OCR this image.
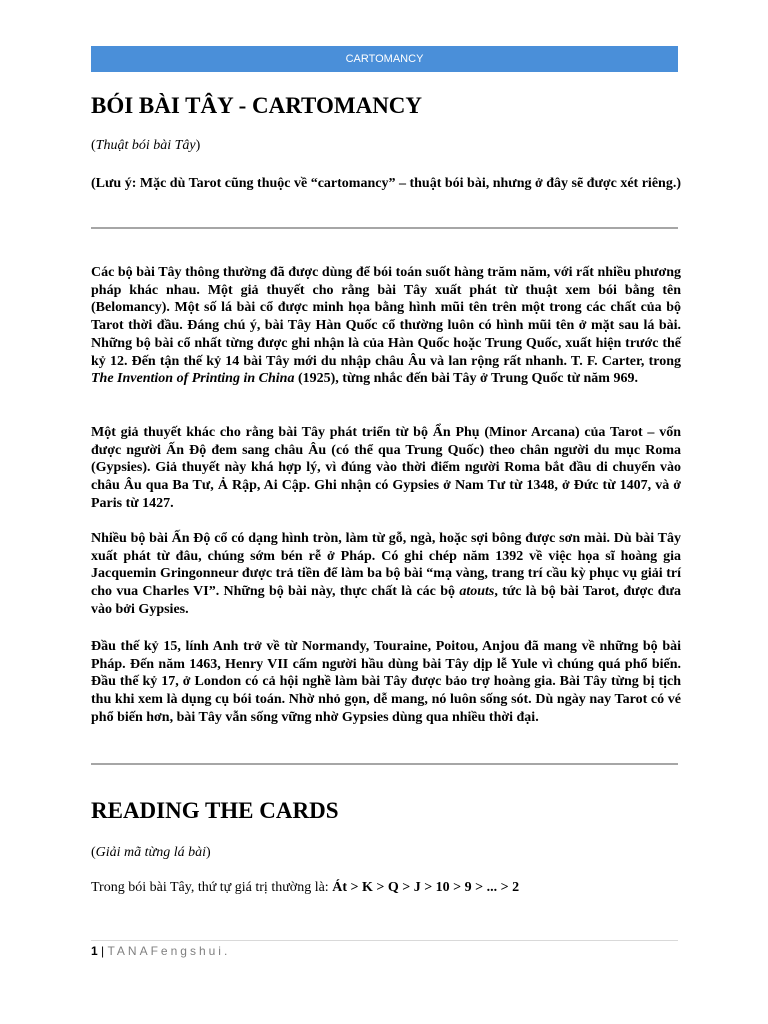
CARTOMANCY
BÓI BÀI TÂY - CARTOMANCY
(Thuật bói bài Tây)

(Lưu ý: Mặc dù Tarot cũng thuộc về “cartomancy” – thuật bói bài, nhưng ở đây sẽ được xét riêng.)

Các bộ bài Tây thông thường đã được dùng để bói toán suốt hàng trăm năm, với rất nhiều phương pháp khác nhau. Một giả thuyết cho rằng bài Tây xuất phát từ thuật xem bói bằng tên (Belomancy). Một số lá bài cổ được minh họa bằng hình mũi tên trên một trong các chất của bộ Tarot thời đầu. Đáng chú ý, bài Tây Hàn Quốc cổ thường luôn có hình mũi tên ở mặt sau lá bài. Những bộ bài cổ nhất từng được ghi nhận là của Hàn Quốc hoặc Trung Quốc, xuất hiện trước thế kỷ 12. Đến tận thế kỷ 14 bài Tây mới du nhập châu Âu và lan rộng rất nhanh. T. F. Carter, trong The Invention of Printing in China (1925), từng nhắc đến bài Tây ở Trung Quốc từ năm 969.

Một giả thuyết khác cho rằng bài Tây phát triển từ bộ Ẩn Phụ (Minor Arcana) của Tarot – vốn được người Ấn Độ đem sang châu Âu (có thể qua Trung Quốc) theo chân người du mục Roma (Gypsies). Giả thuyết này khá hợp lý, vì đúng vào thời điểm người Roma bắt đầu di chuyển vào châu Âu qua Ba Tư, Ả Rập, Ai Cập. Ghi nhận có Gypsies ở Nam Tư từ 1348, ở Đức từ 1407, và ở Paris từ 1427.

Nhiều bộ bài Ấn Độ cổ có dạng hình tròn, làm từ gỗ, ngà, hoặc sợi bông được sơn mài. Dù bài Tây xuất phát từ đâu, chúng sớm bén rễ ở Pháp. Có ghi chép năm 1392 về việc họa sĩ hoàng gia Jacquemin Gringonneur được trả tiền để làm ba bộ bài “mạ vàng, trang trí cầu kỳ phục vụ giải trí cho vua Charles VI”. Những bộ bài này, thực chất là các bộ atouts, tức là bộ bài Tarot, được đưa vào bởi Gypsies.

Đầu thế kỷ 15, lính Anh trở về từ Normandy, Touraine, Poitou, Anjou đã mang về những bộ bài Pháp. Đến năm 1463, Henry VII cấm người hầu dùng bài Tây dịp lễ Yule vì chúng quá phổ biến. Đầu thế kỷ 17, ở London có cả hội nghề làm bài Tây được bảo trợ hoàng gia. Bài Tây từng bị tịch thu khi xem là dụng cụ bói toán. Nhờ nhỏ gọn, dễ mang, nó luôn sống sót. Dù ngày nay Tarot có vé phổ biến hơn, bài Tây vẫn sống vững nhờ Gypsies dùng qua nhiều thời đại.

READING THE CARDS
(Giải mã từng lá bài)
Trong bói bài Tây, thứ tự giá trị thường là: Át > K > Q > J > 10 > 9 > ... > 2
1 | TANAFengshui.
